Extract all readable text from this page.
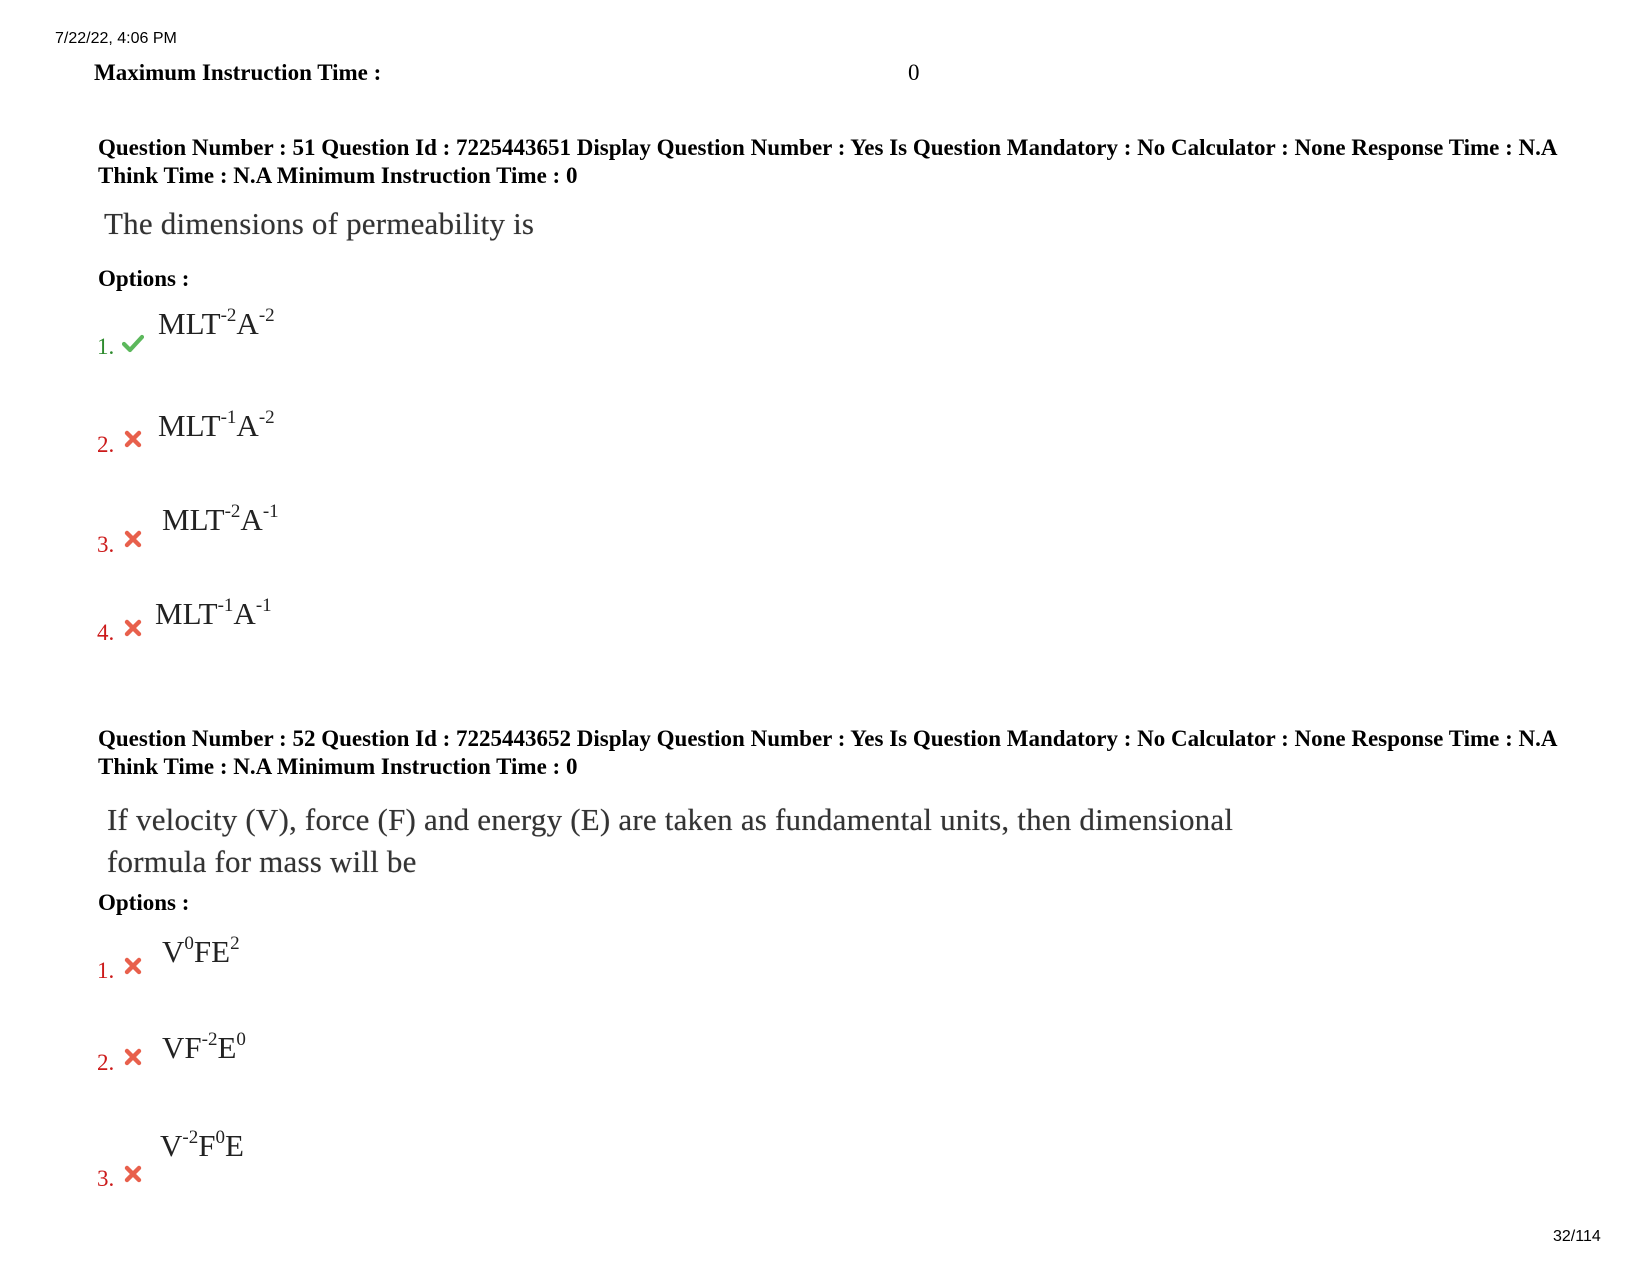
7/22/22, 4:06 PM
Maximum Instruction Time :	0
Question Number : 51 Question Id : 7225443651 Display Question Number : Yes Is Question Mandatory : No Calculator : None Response Time : N.A Think Time : N.A Minimum Instruction Time : 0
The dimensions of permeability is
Options :
1.
$MLT^{-2}A^{-2}$
2.
$MLT^{-1}A^{-2}$
3.
$MLT^{-2}A^{-1}$
4.
$MLT^{-1}A^{-1}$
Question Number : 52 Question Id : 7225443652 Display Question Number : Yes Is Question Mandatory : No Calculator : None Response Time : N.A Think Time : N.A Minimum Instruction Time : 0
If velocity (V), force (F) and energy (E) are taken as fundamental units, then dimensional
formula for mass will be
Options :
1.
$V^0FE^2$
2. $VF^{-2}E^0$
3.
$V^{-2}F^0E$
32/114
